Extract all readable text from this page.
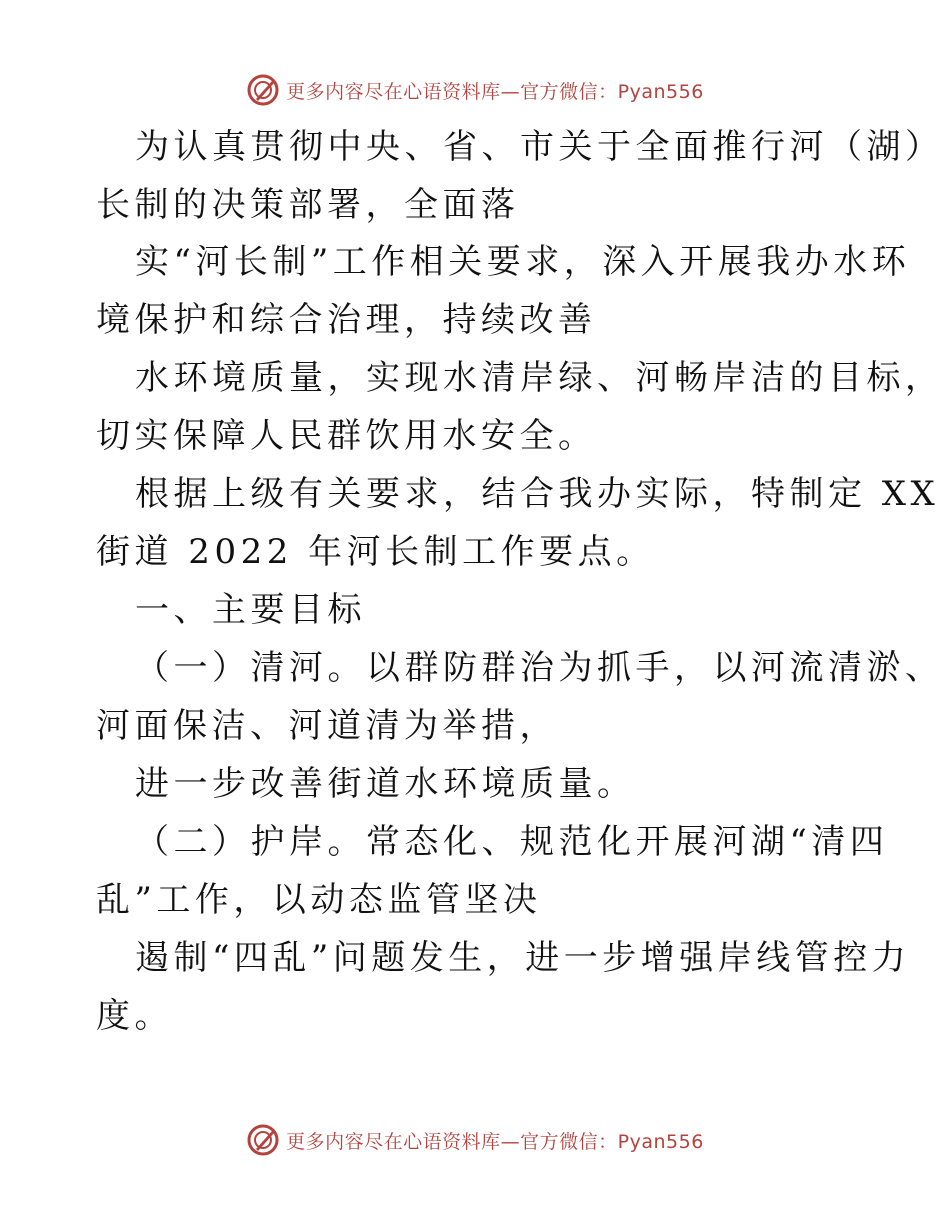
更多内容尽在心语资料库—官方微信：Pyan556

为认真贯彻中央、省、市关于全面推行河（湖）

长制的决策部署，全面落

实“河长制”工作相关要求，深入开展我办水环

境保护和综合治理，持续改善

水环境质量，实现水清岸绿、河畅岸洁的目标，

切实保障人民群饮用水安全。

根据上级有关要求，结合我办实际，特制定 XX

街道 2022 年河长制工作要点。

一、主要目标

（一）清河。以群防群治为抓手，以河流清淤、

河面保洁、河道清为举措，

进一步改善街道水环境质量。

（二）护岸。常态化、规范化开展河湖“清四

乱”工作，以动态监管坚决

遏制“四乱”问题发生，进一步增强岸线管控力

度。

更多内容尽在心语资料库—官方微信：Pyan556
